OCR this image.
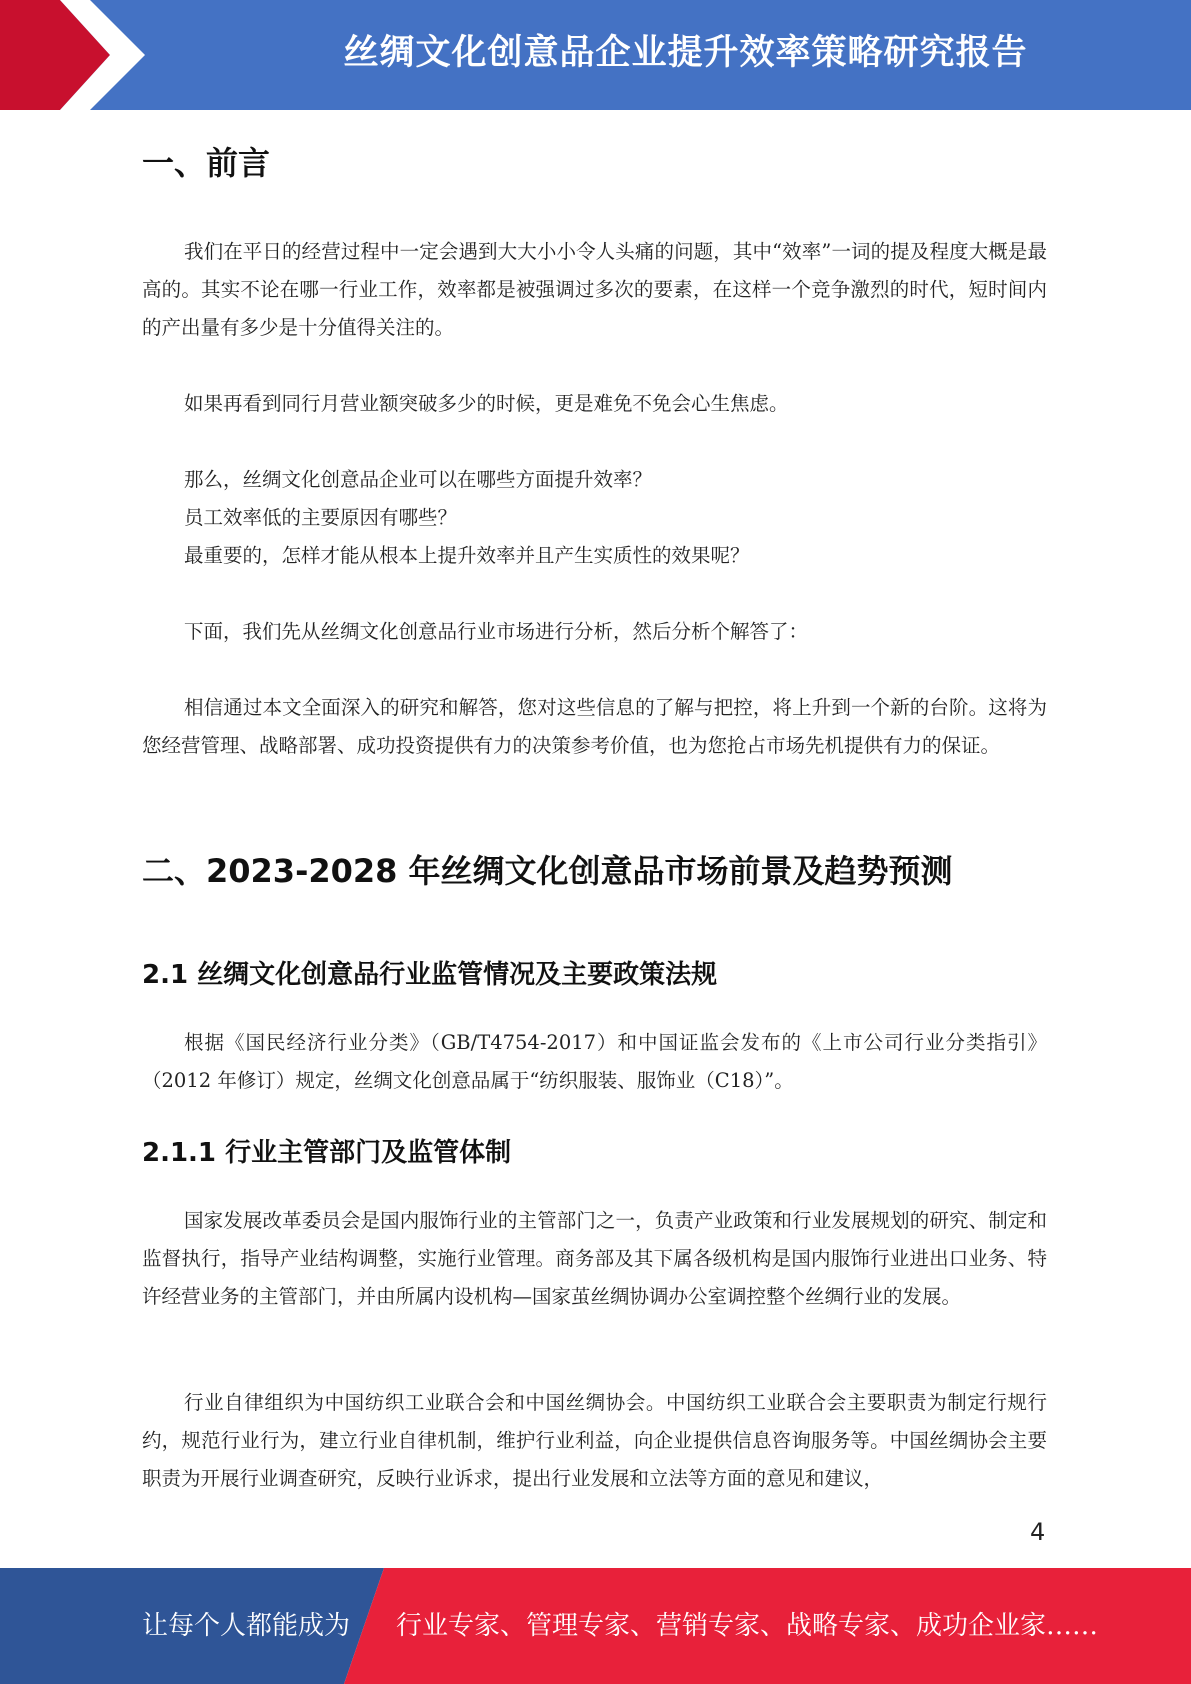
丝绸文化创意品企业提升效率策略研究报告
一、前言

我们在平日的经营过程中一定会遇到大大小小令人头痛的问题，其中“效率”一词的提及程度大概是最高的。其实不论在哪一行业工作，效率都是被强调过多次的要素，在这样一个竞争激烈的时代，短时间内的产出量有多少是十分值得关注的。

如果再看到同行月营业额突破多少的时候，更是难免不免会心生焦虑。

那么，丝绸文化创意品企业可以在哪些方面提升效率？

员工效率低的主要原因有哪些？

最重要的，怎样才能从根本上提升效率并且产生实质性的效果呢？

下面，我们先从丝绸文化创意品行业市场进行分析，然后分析个解答了：

相信通过本文全面深入的研究和解答，您对这些信息的了解与把控，将上升到一个新的台阶。这将为您经营管理、战略部署、成功投资提供有力的决策参考价值，也为您抢占市场先机提供有力的保证。

二、2023-2028 年丝绸文化创意品市场前景及趋势预测
2.1 丝绸文化创意品行业监管情况及主要政策法规

根据《国民经济行业分类》（GB/T4754-2017）和中国证监会发布的《上市公司行业分类指引》（2012 年修订）规定，丝绸文化创意品属于“纺织服装、服饰业（C18）”。

2.1.1 行业主管部门及监管体制

国家发展改革委员会是国内服饰行业的主管部门之一，负责产业政策和行业发展规划的研究、制定和监督执行，指导产业结构调整，实施行业管理。商务部及其下属各级机构是国内服饰行业进出口业务、特许经营业务的主管部门，并由所属内设机构—国家茧丝绸协调办公室调控整个丝绸行业的发展。

行业自律组织为中国纺织工业联合会和中国丝绸协会。中国纺织工业联合会主要职责为制定行规行约，规范行业行为，建立行业自律机制，维护行业利益，向企业提供信息咨询服务等。中国丝绸协会主要职责为开展行业调查研究，反映行业诉求，提出行业发展和立法等方面的意见和建议，

4
让每个人都能成为 行业专家、管理专家、营销专家、战略专家、成功企业家……
